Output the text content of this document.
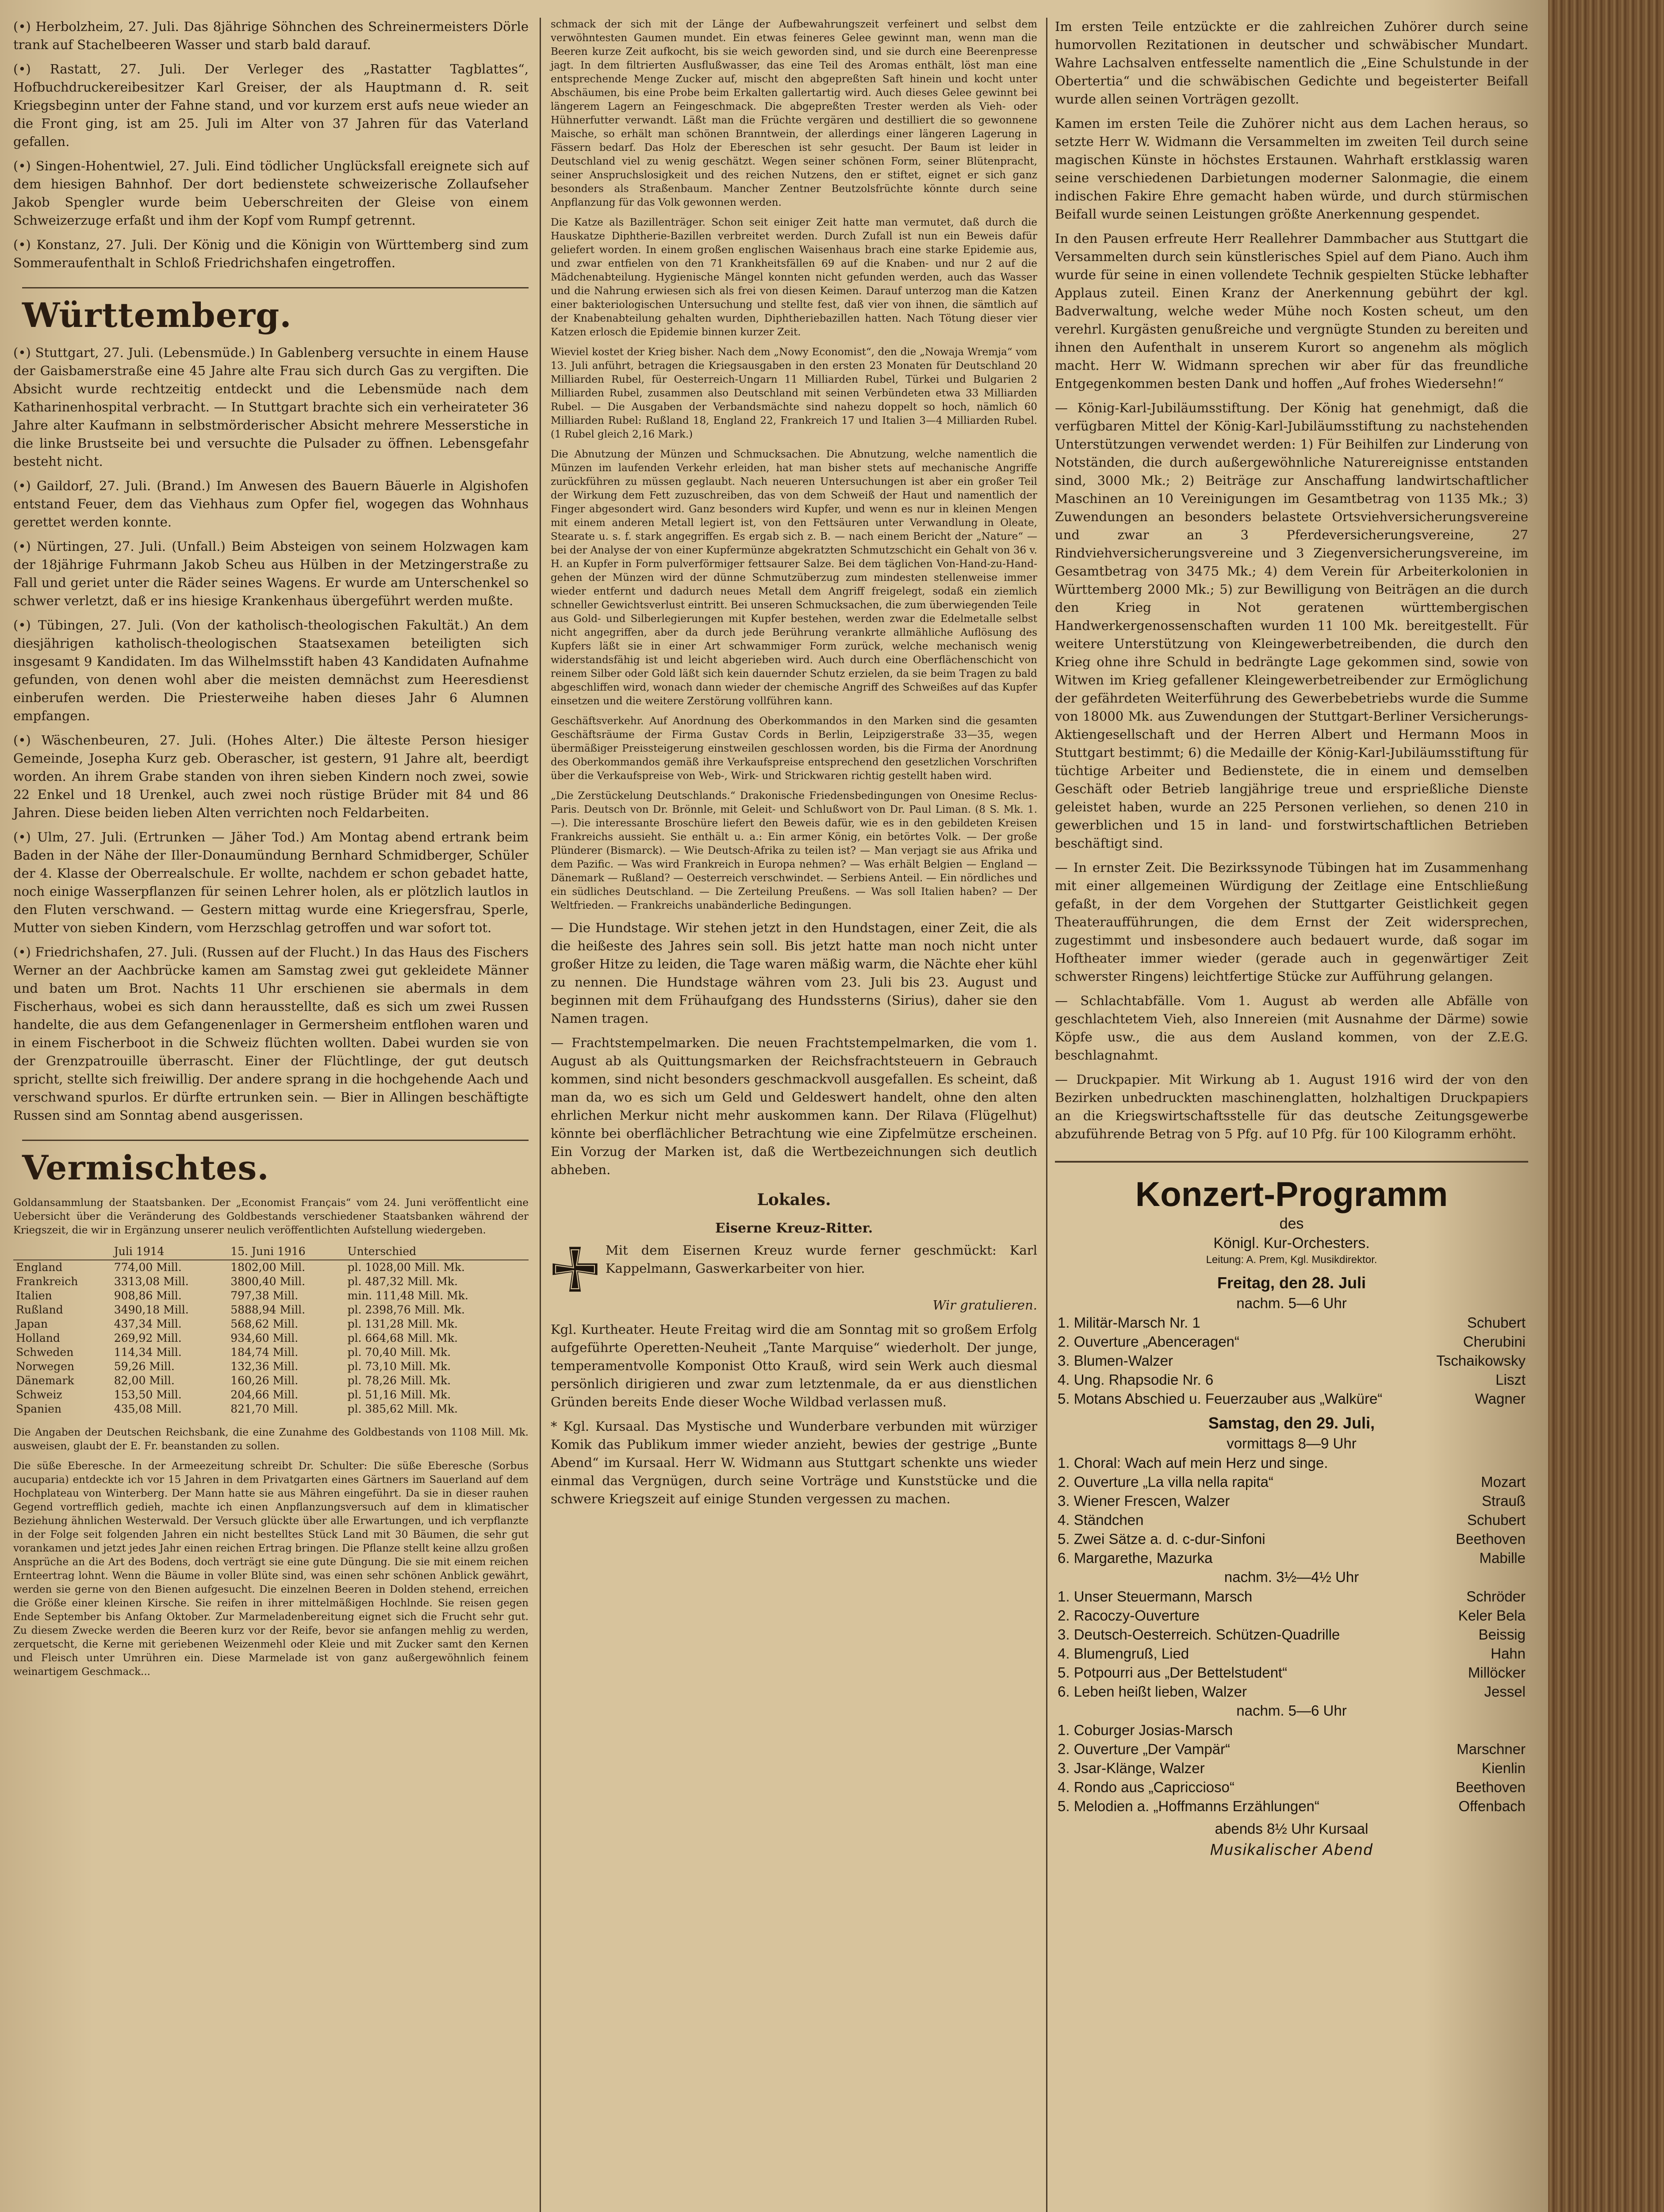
(•) Herbolzheim, 27. Juli. Das 8jährige Söhnchen des Schreinermeisters Dörle trank auf Stachelbeeren Wasser und starb bald darauf.

(•) Rastatt, 27. Juli. Der Verleger des „Rastatter Tagblattes“, Hofbuchdruckereibesitzer Karl Greiser, der als Hauptmann d. R. seit Kriegsbeginn unter der Fahne stand, und vor kurzem erst aufs neue wieder an die Front ging, ist am 25. Juli im Alter von 37 Jahren für das Vaterland gefallen.

(•) Singen-Hohentwiel, 27. Juli. Eind tödlicher Unglücksfall ereignete sich auf dem hiesigen Bahnhof. Der dort bedienstete schweizerische Zollaufseher Jakob Spengler wurde beim Ueberschreiten der Gleise von einem Schweizerzuge erfaßt und ihm der Kopf vom Rumpf getrennt.

(•) Konstanz, 27. Juli. Der König und die Königin von Württemberg sind zum Sommeraufenthalt in Schloß Friedrichshafen eingetroffen.

Württemberg.

(•) Stuttgart, 27. Juli. (Lebensmüde.) In Gablenberg versuchte in einem Hause der Gaisbamerstraße eine 45 Jahre alte Frau sich durch Gas zu vergiften. Die Absicht wurde rechtzeitig entdeckt und die Lebensmüde nach dem Katharinenhospital verbracht. — In Stuttgart brachte sich ein verheirateter 36 Jahre alter Kaufmann in selbstmörderischer Absicht mehrere Messerstiche in die linke Brustseite bei und versuchte die Pulsader zu öffnen. Lebensgefahr besteht nicht.

(•) Gaildorf, 27. Juli. (Brand.) Im Anwesen des Bauern Bäuerle in Algishofen entstand Feuer, dem das Viehhaus zum Opfer fiel, wogegen das Wohnhaus gerettet werden konnte.

(•) Nürtingen, 27. Juli. (Unfall.) Beim Absteigen von seinem Holzwagen kam der 18jährige Fuhrmann Jakob Scheu aus Hülben in der Metzingerstraße zu Fall und geriet unter die Räder seines Wagens. Er wurde am Unterschenkel so schwer verletzt, daß er ins hiesige Krankenhaus übergeführt werden mußte.

(•) Tübingen, 27. Juli. (Von der katholisch-theologischen Fakultät.) An dem diesjährigen katholisch-theologischen Staatsexamen beteiligten sich insgesamt 9 Kandidaten. Im das Wilhelmsstift haben 43 Kandidaten Aufnahme gefunden, von denen wohl aber die meisten demnächst zum Heeresdienst einberufen werden. Die Priesterweihe haben dieses Jahr 6 Alumnen empfangen.

(•) Wäschenbeuren, 27. Juli. (Hohes Alter.) Die älteste Person hiesiger Gemeinde, Josepha Kurz geb. Oberascher, ist gestern, 91 Jahre alt, beerdigt worden. An ihrem Grabe standen von ihren sieben Kindern noch zwei, sowie 22 Enkel und 18 Urenkel, auch zwei noch rüstige Brüder mit 84 und 86 Jahren. Diese beiden lieben Alten verrichten noch Feldarbeiten.

(•) Ulm, 27. Juli. (Ertrunken — Jäher Tod.) Am Montag abend ertrank beim Baden in der Nähe der Iller-Donaumündung Bernhard Schmidberger, Schüler der 4. Klasse der Oberrealschule. Er wollte, nachdem er schon gebadet hatte, noch einige Wasserpflanzen für seinen Lehrer holen, als er plötzlich lautlos in den Fluten verschwand. — Gestern mittag wurde eine Kriegersfrau, Sperle, Mutter von sieben Kindern, vom Herzschlag getroffen und war sofort tot.

(•) Friedrichshafen, 27. Juli. (Russen auf der Flucht.) In das Haus des Fischers Werner an der Aachbrücke kamen am Samstag zwei gut gekleidete Männer und baten um Brot. Nachts 11 Uhr erschienen sie abermals in dem Fischerhaus, wobei es sich dann herausstellte, daß es sich um zwei Russen handelte, die aus dem Gefangenenlager in Germersheim entflohen waren und in einem Fischerboot in die Schweiz flüchten wollten. Dabei wurden sie von der Grenzpatrouille überrascht. Einer der Flüchtlinge, der gut deutsch spricht, stellte sich freiwillig. Der andere sprang in die hochgehende Aach und verschwand spurlos. Er dürfte ertrunken sein. — Bier in Allingen beschäftigte Russen sind am Sonntag abend ausgerissen.

Vermischtes.

Goldansammlung der Staatsbanken. Der „Economist Français“ vom 24. Juni veröffentlicht eine Uebersicht über die Veränderung des Goldbestands verschiedener Staatsbanken während der Kriegszeit, die wir in Ergänzung unserer neulich veröffentlichten Aufstellung wiedergeben.

	Juli 1914	15. Juni 1916	Unterschied
England	774,00 Mill.	1802,00 Mill.	pl. 1028,00 Mill. Mk.
Frankreich	3313,08 Mill.	3800,40 Mill.	pl. 487,32 Mill. Mk.
Italien	908,86 Mill.	797,38 Mill.	min. 111,48 Mill. Mk.
Rußland	3490,18 Mill.	5888,94 Mill.	pl. 2398,76 Mill. Mk.
Japan	437,34 Mill.	568,62 Mill.	pl. 131,28 Mill. Mk.
Holland	269,92 Mill.	934,60 Mill.	pl. 664,68 Mill. Mk.
Schweden	114,34 Mill.	184,74 Mill.	pl. 70,40 Mill. Mk.
Norwegen	59,26 Mill.	132,36 Mill.	pl. 73,10 Mill. Mk.
Dänemark	82,00 Mill.	160,26 Mill.	pl. 78,26 Mill. Mk.
Schweiz	153,50 Mill.	204,66 Mill.	pl. 51,16 Mill. Mk.
Spanien	435,08 Mill.	821,70 Mill.	pl. 385,62 Mill. Mk.

Die Angaben der Deutschen Reichsbank, die eine Zunahme des Goldbestands von 1108 Mill. Mk. ausweisen, glaubt der E. Fr. beanstanden zu sollen.

Die süße Eberesche. In der Armeezeitung schreibt Dr. Schulter: Die süße Eberesche (Sorbus aucuparia) entdeckte ich vor 15 Jahren in dem Privatgarten eines Gärtners im Sauerland auf dem Hochplateau von Winterberg. Der Mann hatte sie aus Mähren eingeführt. Da sie in dieser rauhen Gegend vortrefflich gedieh, machte ich einen Anpflanzungsversuch auf dem in klimatischer Beziehung ähnlichen Westerwald. Der Versuch glückte über alle Erwartungen, und ich verpflanzte in der Folge seit folgenden Jahren ein nicht bestelltes Stück Land mit 30 Bäumen, die sehr gut vorankamen und jetzt jedes Jahr einen reichen Ertrag bringen. Die Pflanze stellt keine allzu großen Ansprüche an die Art des Bodens, doch verträgt sie eine gute Düngung. Die sie mit einem reichen Ernteertrag lohnt. Wenn die Bäume in voller Blüte sind, was einen sehr schönen Anblick gewährt, werden sie gerne von den Bienen aufgesucht. Die einzelnen Beeren in Dolden stehend, erreichen die Größe einer kleinen Kirsche. Sie reifen in ihrer mittelmäßigen Hochlnde. Sie reisen gegen Ende September bis Anfang Oktober. Zur Marmeladenbereitung eignet sich die Frucht sehr gut. Zu diesem Zwecke werden die Beeren kurz vor der Reife, bevor sie anfangen mehlig zu werden, zerquetscht, die Kerne mit geriebenen Weizenmehl oder Kleie und mit Zucker samt den Kernen und Fleisch unter Umrühren ein. Diese Marmelade ist von ganz außergewöhnlich feinem weinartigem Geschmack...

schmack der sich mit der Länge der Aufbewahrungszeit verfeinert und selbst dem verwöhntesten Gaumen mundet. Ein etwas feineres Gelee gewinnt man, wenn man die Beeren kurze Zeit aufkocht, bis sie weich geworden sind, und sie durch eine Beerenpresse jagt. In dem filtrierten Ausflußwasser, das eine Teil des Aromas enthält, löst man eine entsprechende Menge Zucker auf, mischt den abgepreßten Saft hinein und kocht unter Abschäumen, bis eine Probe beim Erkalten gallertartig wird. Auch dieses Gelee gewinnt bei längerem Lagern an Feingeschmack. Die abgepreßten Trester werden als Vieh- oder Hühnerfutter verwandt. Läßt man die Früchte vergären und destilliert die so gewonnene Maische, so erhält man schönen Branntwein, der allerdings einer längeren Lagerung in Fässern bedarf. Das Holz der Ebereschen ist sehr gesucht. Der Baum ist leider in Deutschland viel zu wenig geschätzt. Wegen seiner schönen Form, seiner Blütenpracht, seiner Anspruchslosigkeit und des reichen Nutzens, den er stiftet, eignet er sich ganz besonders als Straßenbaum. Mancher Zentner Beutzolsfrüchte könnte durch seine Anpflanzung für das Volk gewonnen werden.

Die Katze als Bazillenträger. Schon seit einiger Zeit hatte man vermutet, daß durch die Hauskatze Diphtherie-Bazillen verbreitet werden. Durch Zufall ist nun ein Beweis dafür geliefert worden. In einem großen englischen Waisenhaus brach eine starke Epidemie aus, und zwar entfielen von den 71 Krankheitsfällen 69 auf die Knaben- und nur 2 auf die Mädchenabteilung. Hygienische Mängel konnten nicht gefunden werden, auch das Wasser und die Nahrung erwiesen sich als frei von diesen Keimen. Darauf unterzog man die Katzen einer bakteriologischen Untersuchung und stellte fest, daß vier von ihnen, die sämtlich auf der Knabenabteilung gehalten wurden, Diphtheriebazillen hatten. Nach Tötung dieser vier Katzen erlosch die Epidemie binnen kurzer Zeit.

Wieviel kostet der Krieg bisher. Nach dem „Nowy Economist“, den die „Nowaja Wremja“ vom 13. Juli anführt, betragen die Kriegsausgaben in den ersten 23 Monaten für Deutschland 20 Milliarden Rubel, für Oesterreich-Ungarn 11 Milliarden Rubel, Türkei und Bulgarien 2 Milliarden Rubel, zusammen also Deutschland mit seinen Verbündeten etwa 33 Milliarden Rubel. — Die Ausgaben der Verbandsmächte sind nahezu doppelt so hoch, nämlich 60 Milliarden Rubel: Rußland 18, England 22, Frankreich 17 und Italien 3—4 Milliarden Rubel. (1 Rubel gleich 2,16 Mark.)

Die Abnutzung der Münzen und Schmucksachen. Die Abnutzung, welche namentlich die Münzen im laufenden Verkehr erleiden, hat man bisher stets auf mechanische Angriffe zurückführen zu müssen geglaubt. Nach neueren Untersuchungen ist aber ein großer Teil der Wirkung dem Fett zuzuschreiben, das von dem Schweiß der Haut und namentlich der Finger abgesondert wird. Ganz besonders wird Kupfer, und wenn es nur in kleinen Mengen mit einem anderen Metall legiert ist, von den Fettsäuren unter Verwandlung in Oleate, Stearate u. s. f. stark angegriffen. Es ergab sich z. B. — nach einem Bericht der „Nature“ — bei der Analyse der von einer Kupfermünze abgekratzten Schmutzschicht ein Gehalt von 36 v. H. an Kupfer in Form pulverförmiger fettsaurer Salze. Bei dem täglichen Von-Hand-zu-Hand-gehen der Münzen wird der dünne Schmutzüberzug zum mindesten stellenweise immer wieder entfernt und dadurch neues Metall dem Angriff freigelegt, sodaß ein ziemlich schneller Gewichtsverlust eintritt. Bei unseren Schmucksachen, die zum überwiegenden Teile aus Gold- und Silberlegierungen mit Kupfer bestehen, werden zwar die Edelmetalle selbst nicht angegriffen, aber da durch jede Berührung verankrte allmähliche Auflösung des Kupfers läßt sie in einer Art schwammiger Form zurück, welche mechanisch wenig widerstandsfähig ist und leicht abgerieben wird. Auch durch eine Oberflächenschicht von reinem Silber oder Gold läßt sich kein dauernder Schutz erzielen, da sie beim Tragen zu bald abgeschliffen wird, wonach dann wieder der chemische Angriff des Schweißes auf das Kupfer einsetzen und die weitere Zerstörung vollführen kann.

Geschäftsverkehr. Auf Anordnung des Oberkommandos in den Marken sind die gesamten Geschäftsräume der Firma Gustav Cords in Berlin, Leipzigerstraße 33—35, wegen übermäßiger Preissteigerung einstweilen geschlossen worden, bis die Firma der Anordnung des Oberkommandos gemäß ihre Verkaufspreise entsprechend den gesetzlichen Vorschriften über die Verkaufspreise von Web-, Wirk- und Strickwaren richtig gestellt haben wird.

„Die Zerstückelung Deutschlands.“ Drakonische Friedensbedingungen von Onesime Reclus-Paris. Deutsch von Dr. Brönnle, mit Geleit- und Schlußwort von Dr. Paul Liman. (8 S. Mk. 1.—). Die interessante Broschüre liefert den Beweis dafür, wie es in den gebildeten Kreisen Frankreichs aussieht. Sie enthält u. a.: Ein armer König, ein betörtes Volk. — Der große Plünderer (Bismarck). — Wie Deutsch-Afrika zu teilen ist? — Man verjagt sie aus Afrika und dem Pazific. — Was wird Frankreich in Europa nehmen? — Was erhält Belgien — England — Dänemark — Rußland? — Oesterreich verschwindet. — Serbiens Anteil. — Ein nördliches und ein südliches Deutschland. — Die Zerteilung Preußens. — Was soll Italien haben? — Der Weltfrieden. — Frankreichs unabänderliche Bedingungen.

— Die Hundstage. Wir stehen jetzt in den Hundstagen, einer Zeit, die als die heißeste des Jahres sein soll. Bis jetzt hatte man noch nicht unter großer Hitze zu leiden, die Tage waren mäßig warm, die Nächte eher kühl zu nennen. Die Hundstage währen vom 23. Juli bis 23. August und beginnen mit dem Frühaufgang des Hundssterns (Sirius), daher sie den Namen tragen.

— Frachtstempelmarken. Die neuen Frachtstempelmarken, die vom 1. August ab als Quittungsmarken der Reichsfrachtsteuern in Gebrauch kommen, sind nicht besonders geschmackvoll ausgefallen. Es scheint, daß man da, wo es sich um Geld und Geldeswert handelt, ohne den alten ehrlichen Merkur nicht mehr auskommen kann. Der Rilava (Flügelhut) könnte bei oberflächlicher Betrachtung wie eine Zipfelmütze erscheinen. Ein Vorzug der Marken ist, daß die Wertbezeichnungen sich deutlich abheben.

Lokales.
Eiserne Kreuz-Ritter.

Mit dem Eisernen Kreuz wurde ferner geschmückt: Karl Kappelmann, Gaswerkarbeiter von hier.

Wir gratulieren.

Kgl. Kurtheater. Heute Freitag wird die am Sonntag mit so großem Erfolg aufgeführte Operetten-Neuheit „Tante Marquise“ wiederholt. Der junge, temperamentvolle Komponist Otto Krauß, wird sein Werk auch diesmal persönlich dirigieren und zwar zum letztenmale, da er aus dienstlichen Gründen bereits Ende dieser Woche Wildbad verlassen muß.

* Kgl. Kursaal. Das Mystische und Wunderbare verbunden mit würziger Komik das Publikum immer wieder anzieht, bewies der gestrige „Bunte Abend“ im Kursaal. Herr W. Widmann aus Stuttgart schenkte uns wieder einmal das Vergnügen, durch seine Vorträge und Kunststücke und die schwere Kriegszeit auf einige Stunden vergessen zu machen.

Im ersten Teile entzückte er die zahlreichen Zuhörer durch seine humorvollen Rezitationen in deutscher und schwäbischer Mundart. Wahre Lachsalven entfesselte namentlich die „Eine Schulstunde in der Obertertia“ und die schwäbischen Gedichte und begeisterter Beifall wurde allen seinen Vorträgen gezollt.

Kamen im ersten Teile die Zuhörer nicht aus dem Lachen heraus, so setzte Herr W. Widmann die Versammelten im zweiten Teil durch seine magischen Künste in höchstes Erstaunen. Wahrhaft erstklassig waren seine verschiedenen Darbietungen moderner Salonmagie, die einem indischen Fakire Ehre gemacht haben würde, und durch stürmischen Beifall wurde seinen Leistungen größte Anerkennung gespendet.

In den Pausen erfreute Herr Reallehrer Dammbacher aus Stuttgart die Versammelten durch sein künstlerisches Spiel auf dem Piano. Auch ihm wurde für seine in einen vollendete Technik gespielten Stücke lebhafter Applaus zuteil. Einen Kranz der Anerkennung gebührt der kgl. Badverwaltung, welche weder Mühe noch Kosten scheut, um den verehrl. Kurgästen genußreiche und vergnügte Stunden zu bereiten und ihnen den Aufenthalt in unserem Kurort so angenehm als möglich macht. Herr W. Widmann sprechen wir aber für das freundliche Entgegenkommen besten Dank und hoffen „Auf frohes Wiedersehn!“

— König-Karl-Jubiläumsstiftung. Der König hat genehmigt, daß die verfügbaren Mittel der König-Karl-Jubiläumsstiftung zu nachstehenden Unterstützungen verwendet werden: 1) Für Beihilfen zur Linderung von Notständen, die durch außergewöhnliche Naturereignisse entstanden sind, 3000 Mk.; 2) Beiträge zur Anschaffung landwirtschaftlicher Maschinen an 10 Vereinigungen im Gesamtbetrag von 1135 Mk.; 3) Zuwendungen an besonders belastete Ortsviehversicherungsvereine und zwar an 3 Pferdeversicherungsvereine, 27 Rindviehversicherungsvereine und 3 Ziegenversicherungsvereine, im Gesamtbetrag von 3475 Mk.; 4) dem Verein für Arbeiterkolonien in Württemberg 2000 Mk.; 5) zur Bewilligung von Beiträgen an die durch den Krieg in Not geratenen württembergischen Handwerkergenossenschaften wurden 11 100 Mk. bereitgestellt. Für weitere Unterstützung von Kleingewerbetreibenden, die durch den Krieg ohne ihre Schuld in bedrängte Lage gekommen sind, sowie von Witwen im Krieg gefallener Kleingewerbetreibender zur Ermöglichung der gefährdeten Weiterführung des Gewerbebetriebs wurde die Summe von 18000 Mk. aus Zuwendungen der Stuttgart-Berliner Versicherungs-Aktiengesellschaft und der Herren Albert und Hermann Moos in Stuttgart bestimmt; 6) die Medaille der König-Karl-Jubiläumsstiftung für tüchtige Arbeiter und Bedienstete, die in einem und demselben Geschäft oder Betrieb langjährige treue und ersprießliche Dienste geleistet haben, wurde an 225 Personen verliehen, so denen 210 in gewerblichen und 15 in land- und forstwirtschaftlichen Betrieben beschäftigt sind.

— In ernster Zeit. Die Bezirkssynode Tübingen hat im Zusammenhang mit einer allgemeinen Würdigung der Zeitlage eine Entschließung gefaßt, in der dem Vorgehen der Stuttgarter Geistlichkeit gegen Theateraufführungen, die dem Ernst der Zeit widersprechen, zugestimmt und insbesondere auch bedauert wurde, daß sogar im Hoftheater immer wieder (gerade auch in gegenwärtiger Zeit schwerster Ringens) leichtfertige Stücke zur Aufführung gelangen.

— Schlachtabfälle. Vom 1. August ab werden alle Abfälle von geschlachtetem Vieh, also Innereien (mit Ausnahme der Därme) sowie Köpfe usw., die aus dem Ausland kommen, von der Z.E.G. beschlagnahmt.

— Druckpapier. Mit Wirkung ab 1. August 1916 wird der von den Bezirken unbedruckten maschinenglatten, holzhaltigen Druckpapiers an die Kriegswirtschaftsstelle für das deutsche Zeitungsgewerbe abzuführende Betrag von 5 Pfg. auf 10 Pfg. für 100 Kilogramm erhöht.

Konzert-Programm
des
Königl. Kur-Orchesters.
Leitung: A. Prem, Kgl. Musikdirektor.
Freitag, den 28. Juli
nachm. 5—6 Uhr
1. Militär-Marsch Nr. 1	Schubert
2. Ouverture „Abenceragen“	Cherubini
3. Blumen-Walzer	Tschaikowsky
4. Ung. Rhapsodie Nr. 6	Liszt
5. Motans Abschied u. Feuerzauber aus „Walküre“	Wagner
Samstag, den 29. Juli,
vormittags 8—9 Uhr
1. Choral: Wach auf mein Herz und singe.
2. Ouverture „La villa nella rapita“	Mozart
3. Wiener Frescen, Walzer	Strauß
4. Ständchen	Schubert
5. Zwei Sätze a. d. c-dur-Sinfoni	Beethoven
6. Margarethe, Mazurka	Mabille
nachm. 3½—4½ Uhr
1. Unser Steuermann, Marsch	Schröder
2. Racoczy-Ouverture	Keler Bela
3. Deutsch-Oesterreich. Schützen-Quadrille	Beissig
4. Blumengruß, Lied	Hahn
5. Potpourri aus „Der Bettelstudent“	Millöcker
6. Leben heißt lieben, Walzer	Jessel
nachm. 5—6 Uhr
1. Coburger Josias-Marsch
2. Ouverture „Der Vampär“	Marschner
3. Jsar-Klänge, Walzer	Kienlin
4. Rondo aus „Capriccioso“	Beethoven
5. Melodien a. „Hoffmanns Erzählungen“	Offenbach
abends 8½ Uhr Kursaal
Musikalischer Abend
